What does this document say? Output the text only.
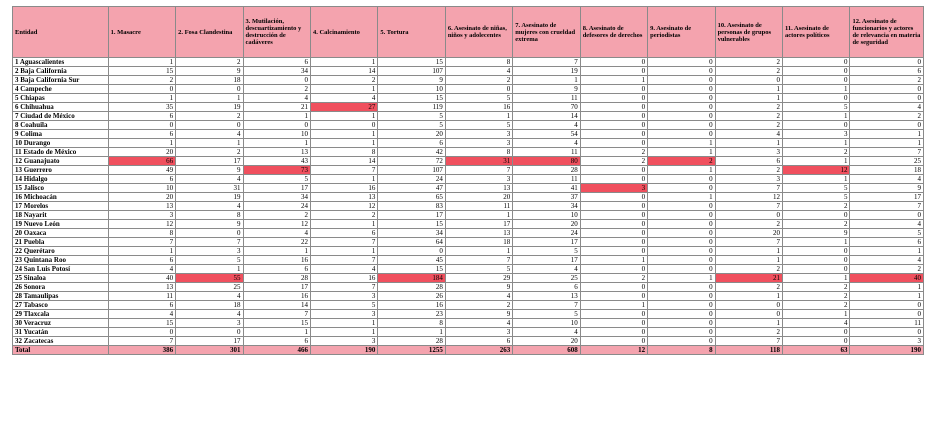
Entidad	1. Masacre	2. Fosa Clandestina	3. Mutilación, descuartizamiento y destrucción de cadáveres	4. Calcinamiento	5. Tortura	6. Asesinato de niñas, niños y adolecentes	7. Asesinato de mujeres con crueldad extrema	8. Asesinato de defesores de derechos	9. Asesinato de periodistas	10. Asesinato de personas de grupos vulnerables	11. Asesinato de actores políticos	12. Asesinato de funcionarios y actores de relevancia en materia de seguridad
1 Aguascalientes	1	2	6	1	15	8	7	0	0	2	0	0
2 Baja California	15	9	34	14	107	4	19	0	0	2	0	6
3 Baja California Sur	2	18	0	2	9	2	1	1	0	0	0	2
4 Campeche	0	0	2	1	10	0	9	0	0	1	1	0
5 Chiapas	1	1	4	4	15	5	11	0	0	1	0	0
6 Chihuahua	35	19	21	27	119	16	70	0	0	2	5	4
7 Ciudad de México	6	2	1	1	5	1	14	0	0	2	1	2
8 Coahuila	0	0	0	0	5	5	4	0	0	2	0	0
9 Colima	6	4	10	1	20	3	54	0	0	4	3	1
10 Durango	1	1	1	1	6	3	4	0	1	1	1	1
11 Estado de México	20	2	13	8	42	8	11	2	1	3	2	7
12 Guanajuato	66	17	43	14	72	31	80	2	2	6	1	25
13 Guerrero	49	9	73	7	107	7	28	0	1	2	12	18
14 Hidalgo	6	4	5	1	24	3	11	0	0	3	1	4
15 Jalisco	10	31	17	16	47	13	41	3	0	7	5	9
16 Michoacán	20	19	34	13	65	20	37	0	1	12	5	17
17 Morelos	13	4	24	12	83	11	34	0	0	7	2	7
18 Nayarit	3	8	2	2	17	1	10	0	0	0	0	0
19 Nuevo León	12	9	12	1	15	17	20	0	0	2	2	4
20 Oaxaca	8	0	4	6	34	13	24	0	0	20	9	5
21 Puebla	7	7	22	7	64	18	17	0	0	7	1	6
22 Querétaro	1	3	1	1	0	1	5	0	0	1	0	1
23 Quintana Roo	6	5	16	7	45	7	17	1	0	1	0	4
24 San Luis Potosí	4	1	6	4	15	5	4	0	0	2	0	2
25 Sinaloa	40	55	28	16	184	29	25	2	1	21	1	40
26 Sonora	13	25	17	7	28	9	6	0	0	2	2	1
28 Tamaulipas	11	4	16	3	26	4	13	0	0	1	2	1
27 Tabasco	6	18	14	5	16	2	7	1	0	0	2	0
29 Tlaxcala	4	4	7	3	23	9	5	0	0	0	1	0
30 Veracruz	15	3	15	1	8	4	10	0	0	1	4	11
31 Yucatán	0	0	1	1	1	3	4	0	0	2	0	0
32 Zacatecas	7	17	6	3	28	6	20	0	0	7	0	3
Total	386	301	466	190	1255	263	608	12	8	118	63	190
